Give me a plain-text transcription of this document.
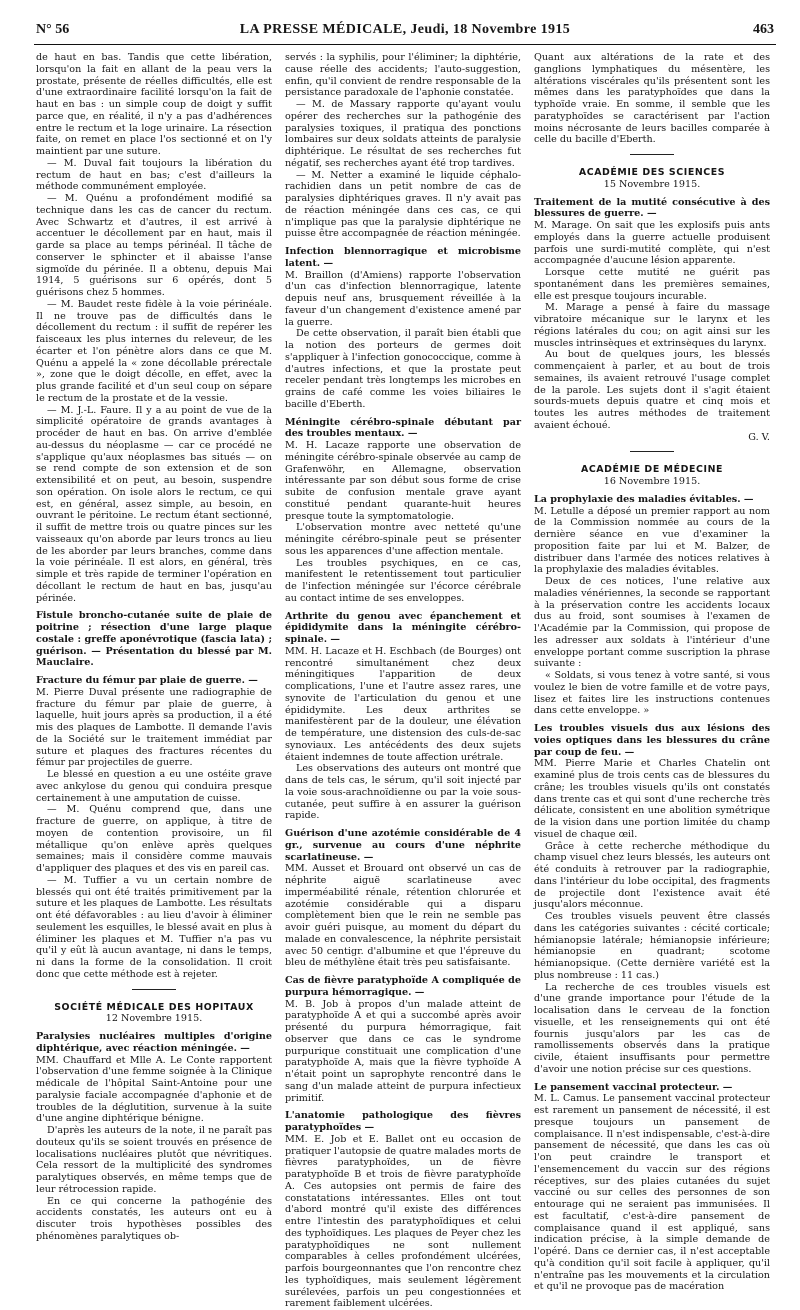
N° 56	LA PRESSE MÉDICALE, Jeudi, 18 Novembre 1915	463

de haut en bas. Tandis que cette libération, lorsqu'on la fait en allant de la peau vers la prostate, présente de réelles difficultés, elle est d'une extraordinaire facilité lorsqu'on la fait de haut en bas : un simple coup de doigt y suffit parce que, en réalité, il n'y a pas d'adhérences entre le rectum et la loge urinaire. La résection faite, on remet en place l'os sectionné et on l'y maintient par une suture.

— M. Duval fait toujours la libération du rectum de haut en bas; c'est d'ailleurs la méthode communément employée.

— M. Quénu a profondément modifié sa technique dans les cas de cancer du rectum. Avec Schwartz et d'autres, il est arrivé à accentuer le décollement par en haut, mais il garde sa place au temps périnéal. Il tâche de conserver le sphincter et il abaisse l'anse sigmoïde du périnée. Il a obtenu, depuis Mai 1914, 5 guérisons sur 6 opérés, dont 5 guérisons chez 5 hommes.

— M. Baudet reste fidèle à la voie périnéale. Il ne trouve pas de difficultés dans le décollement du rectum : il suffit de repérer les faisceaux les plus internes du releveur, de les écarter et l'on pénètre alors dans ce que M. Quénu a appelé la « zone décollable prérectale », zone que le doigt décolle, en effet, avec la plus grande facilité et d'un seul coup on sépare le rectum de la prostate et de la vessie.

— M. J.-L. Faure. Il y a au point de vue de la simplicité opératoire de grands avantages à procéder de haut en bas. On arrive d'emblée au-dessus du néoplasme — car ce procédé ne s'applique qu'aux néoplasmes bas situés — on se rend compte de son extension et de son extensibilité et on peut, au besoin, suspendre son opération. On isole alors le rectum, ce qui est, en général, assez simple, au besoin, en ouvrant le péritoine. Le rectum étant sectionné, il suffit de mettre trois ou quatre pinces sur les vaisseaux qu'on aborde par leurs troncs au lieu de les aborder par leurs branches, comme dans la voie périnéale. Il est alors, en général, très simple et très rapide de terminer l'opération en décollant le rectum de haut en bas, jusqu'au périnée.

Fistule broncho-cutanée suite de plaie de poitrine ; résection d'une large plaque costale : greffe aponévrotique (fascia lata) ; guérison. — Présentation du blessé par M. Mauclaire.

Fracture du fémur par plaie de guerre. —

M. Pierre Duval présente une radiographie de fracture du fémur par plaie de guerre, à laquelle, huit jours après sa production, il a été mis des plaques de Lambotte. Il demande l'avis de la Société sur le traitement immédiat par suture et plaques des fractures récentes du fémur par projectiles de guerre.

Le blessé en question a eu une ostéite grave avec ankylose du genou qui conduira presque certainement à une amputation de cuisse.

— M. Quénu comprend que, dans une fracture de guerre, on applique, à titre de moyen de contention provisoire, un fil métallique qu'on enlève après quelques semaines; mais il considère comme mauvais d'appliquer des plaques et des vis en pareil cas.

— M. Tuffier a vu un certain nombre de blessés qui ont été traités primitivement par la suture et les plaques de Lambotte. Les résultats ont été défavorables : au lieu d'avoir à éliminer seulement les esquilles, le blessé avait en plus à éliminer les plaques et M. Tuffier n'a pas vu qu'il y eût là aucun avantage, ni dans le temps, ni dans la forme de la consolidation. Il croit donc que cette méthode est à rejeter.

SOCIÉTÉ MÉDICALE DES HOPITAUX

12 Novembre 1915.

Paralysies nucléaires multiples d'origine diphtérique, avec réaction méningée. —

MM. Chauffard et Mlle A. Le Conte rapportent l'observation d'une femme soignée à la Clinique médicale de l'hôpital Saint-Antoine pour une paralysie faciale accompagnée d'aphonie et de troubles de la déglutition, survenue à la suite d'une angine diphtérique bénigne.

D'après les auteurs de la note, il ne paraît pas douteux qu'ils se soient trouvés en présence de localisations nucléaires plutôt que névritiques. Cela ressort de la multiplicité des syndromes paralytiques observés, en même temps que de leur rétrocession rapide.

En ce qui concerne la pathogénie des accidents constatés, les auteurs ont eu à discuter trois hypothèses possibles des phénomènes paralytiques ob-

servés : la syphilis, pour l'éliminer; la diphtérie, cause réelle des accidents; l'auto-suggestion, enfin, qu'il convient de rendre responsable de la persistance paradoxale de l'aphonie constatée.

— M. de Massary rapporte qu'ayant voulu opérer des recherches sur la pathogénie des paralysies toxiques, il pratiqua des ponctions lombaires sur deux soldats atteints de paralysie diphtérique. Le résultat de ses recherches fut négatif, ses recherches ayant été trop tardives.

— M. Netter a examiné le liquide céphalo-rachidien dans un petit nombre de cas de paralysies diphtériques graves. Il n'y avait pas de réaction méningée dans ces cas, ce qui n'implique pas que la paralysie diphtérique ne puisse être accompagnée de réaction méningée.

Infection blennorragique et microbisme latent. —

M. Braillon (d'Amiens) rapporte l'observation d'un cas d'infection blennorragique, latente depuis neuf ans, brusquement réveillée à la faveur d'un changement d'existence amené par la guerre.

De cette observation, il paraît bien établi que la notion des porteurs de germes doit s'appliquer à l'infection gonococcique, comme à d'autres infections, et que la prostate peut receler pendant très longtemps les microbes en grains de café comme les voies biliaires le bacille d'Eberth.

Méningite cérébro-spinale débutant par des troubles mentaux. —

M. H. Lacaze rapporte une observation de méningite cérébro-spinale observée au camp de Grafenwöhr, en Allemagne, observation intéressante par son début sous forme de crise subite de confusion mentale grave ayant constitué pendant quarante-huit heures presque toute la symptomatologie.

L'observation montre avec netteté qu'une méningite cérébro-spinale peut se présenter sous les apparences d'une affection mentale.

Les troubles psychiques, en ce cas, manifestent le retentissement tout particulier de l'infection méningée sur l'écorce cérébrale au contact intime de ses enveloppes.

Arthrite du genou avec épanchement et épididymite dans la méningite cérébro-spinale. —

MM. H. Lacaze et H. Eschbach (de Bourges) ont rencontré simultanément chez deux méningitiques l'apparition de deux complications, l'une et l'autre assez rares, une synovite de l'articulation du genou et une épididymite. Les deux arthrites se manifestèrent par de la douleur, une élévation de température, une distension des culs-de-sac synoviaux. Les antécédents des deux sujets étaient indemnes de toute affection urétrale.

Les observations des auteurs ont montré que dans de tels cas, le sérum, qu'il soit injecté par la voie sous-arachnoïdienne ou par la voie sous-cutanée, peut suffire à en assurer la guérison rapide.

Guérison d'une azotémie considérable de 4 gr., survenue au cours d'une néphrite scarlatineuse. —

MM. Ausset et Brouard ont observé un cas de néphrite aiguë scarlatineuse avec imperméabilité rénale, rétention chlorurée et azotémie considérable qui a disparu complètement bien que le rein ne semble pas avoir guéri puisque, au moment du départ du malade en convalescence, la néphrite persistait avec 50 centigr. d'albumine et que l'épreuve du bleu de méthylène était très peu satisfaisante.

Cas de fièvre paratyphoïde A compliquée de purpura hémorragique. —

M. B. Job à propos d'un malade atteint de paratyphoïde A et qui a succombé après avoir présenté du purpura hémorragique, fait observer que dans ce cas le syndrome purpurique constituait une complication d'une paratyphoïde A, mais que la fièvre typhoïde A n'était point un saprophyte rencontré dans le sang d'un malade atteint de purpura infectieux primitif.

L'anatomie pathologique des fièvres paratyphoïdes —

MM. E. Job et E. Ballet ont eu occasion de pratiquer l'autopsie de quatre malades morts de fièvres paratyphoïdes, un de fièvre paratyphoïde B et trois de fièvre paratyphoïde A. Ces autopsies ont permis de faire des constatations intéressantes. Elles ont tout d'abord montré qu'il existe des différences entre l'intestin des paratyphoïdiques et celui des typhoïdiques. Les plaques de Peyer chez les paratyphoïdiques ne sont nullement comparables à celles profondément ulcérées, parfois bourgeonnantes que l'on rencontre chez les typhoïdiques, mais seulement légèrement surélevées, parfois un peu congestionnées et rarement faiblement ulcérées.

Quant aux altérations de la rate et des ganglions lymphatiques du mésentère, les altérations viscérales qu'ils présentent sont les mêmes dans les paratyphoïdes que dans la typhoïde vraie. En somme, il semble que les paratyphoïdes se caractérisent par l'action moins nécrosante de leurs bacilles comparée à celle du bacille d'Eberth.

ACADÉMIE DES SCIENCES

15 Novembre 1915.

Traitement de la mutité consécutive à des blessures de guerre. —

M. Marage. On sait que les explosifs puis ants employés dans la guerre actuelle produisent parfois une surdi-mutité complète, qui n'est accompagnée d'aucune lésion apparente.

Lorsque cette mutité ne guérit pas spontanément dans les premières semaines, elle est presque toujours incurable.

M. Marage a pensé à faire du massage vibratoire mécanique sur le larynx et les régions latérales du cou; on agit ainsi sur les muscles intrinsèques et extrinsèques du larynx.

Au bout de quelques jours, les blessés commençaient à parler, et au bout de trois semaines, ils avaient retrouvé l'usage complet de la parole. Les sujets dont il s'agit étaient sourds-muets depuis quatre et cinq mois et toutes les autres méthodes de traitement avaient échoué.

G. V.

ACADÉMIE DE MÉDECINE

16 Novembre 1915.

La prophylaxie des maladies évitables. —

M. Letulle a déposé un premier rapport au nom de la Commission nommée au cours de la dernière séance en vue d'examiner la proposition faite par lui et M. Balzer, de distribuer dans l'armée des notices relatives à la prophylaxie des maladies évitables.

Deux de ces notices, l'une relative aux maladies vénériennes, la seconde se rapportant à la préservation contre les accidents locaux dus au froid, sont soumises à l'examen de l'Académie par la Commission, qui propose de les adresser aux soldats à l'intérieur d'une enveloppe portant comme suscription la phrase suivante :

« Soldats, si vous tenez à votre santé, si vous voulez le bien de votre famille et de votre pays, lisez et faites lire les instructions contenues dans cette enveloppe. »

Les troubles visuels dus aux lésions des voies optiques dans les blessures du crâne par coup de feu. —

MM. Pierre Marie et Charles Chatelin ont examiné plus de trois cents cas de blessures du crâne; les troubles visuels qu'ils ont constatés dans trente cas et qui sont d'une recherche très délicate, consistent en une abolition symétrique de la vision dans une portion limitée du champ visuel de chaque œil.

Grâce à cette recherche méthodique du champ visuel chez leurs blessés, les auteurs ont été conduits à retrouver par la radiographie, dans l'intérieur du lobe occipital, des fragments de projectile dont l'existence avait été jusqu'alors méconnue.

Ces troubles visuels peuvent être classés dans les catégories suivantes : cécité corticale; hémianopsie latérale; hémianopsie inférieure; hémianopsie en quadrant; scotome hémianopsique. (Cette dernière variété est la plus nombreuse : 11 cas.)

La recherche de ces troubles visuels est d'une grande importance pour l'étude de la localisation dans le cerveau de la fonction visuelle, et les renseignements qui ont été fournis jusqu'alors par les cas de ramollissements observés dans la pratique civile, étaient insuffisants pour permettre d'avoir une notion précise sur ces questions.

Le pansement vaccinal protecteur. —

M. L. Camus. Le pansement vaccinal protecteur est rarement un pansement de nécessité, il est presque toujours un pansement de complaisance. Il n'est indispensable, c'est-à-dire pansement de nécessité, que dans les cas où l'on peut craindre le transport et l'ensemencement du vaccin sur des régions réceptives, sur des plaies cutanées du sujet vacciné ou sur celles des personnes de son entourage qui ne seraient pas immunisées. Il est facultatif, c'est-à-dire pansement de complaisance quand il est appliqué, sans indication précise, à la simple demande de l'opéré. Dans ce dernier cas, il n'est acceptable qu'à condition qu'il soit facile à appliquer, qu'il n'entraîne pas les mouvements et la circulation et qu'il ne provoque pas de macération
